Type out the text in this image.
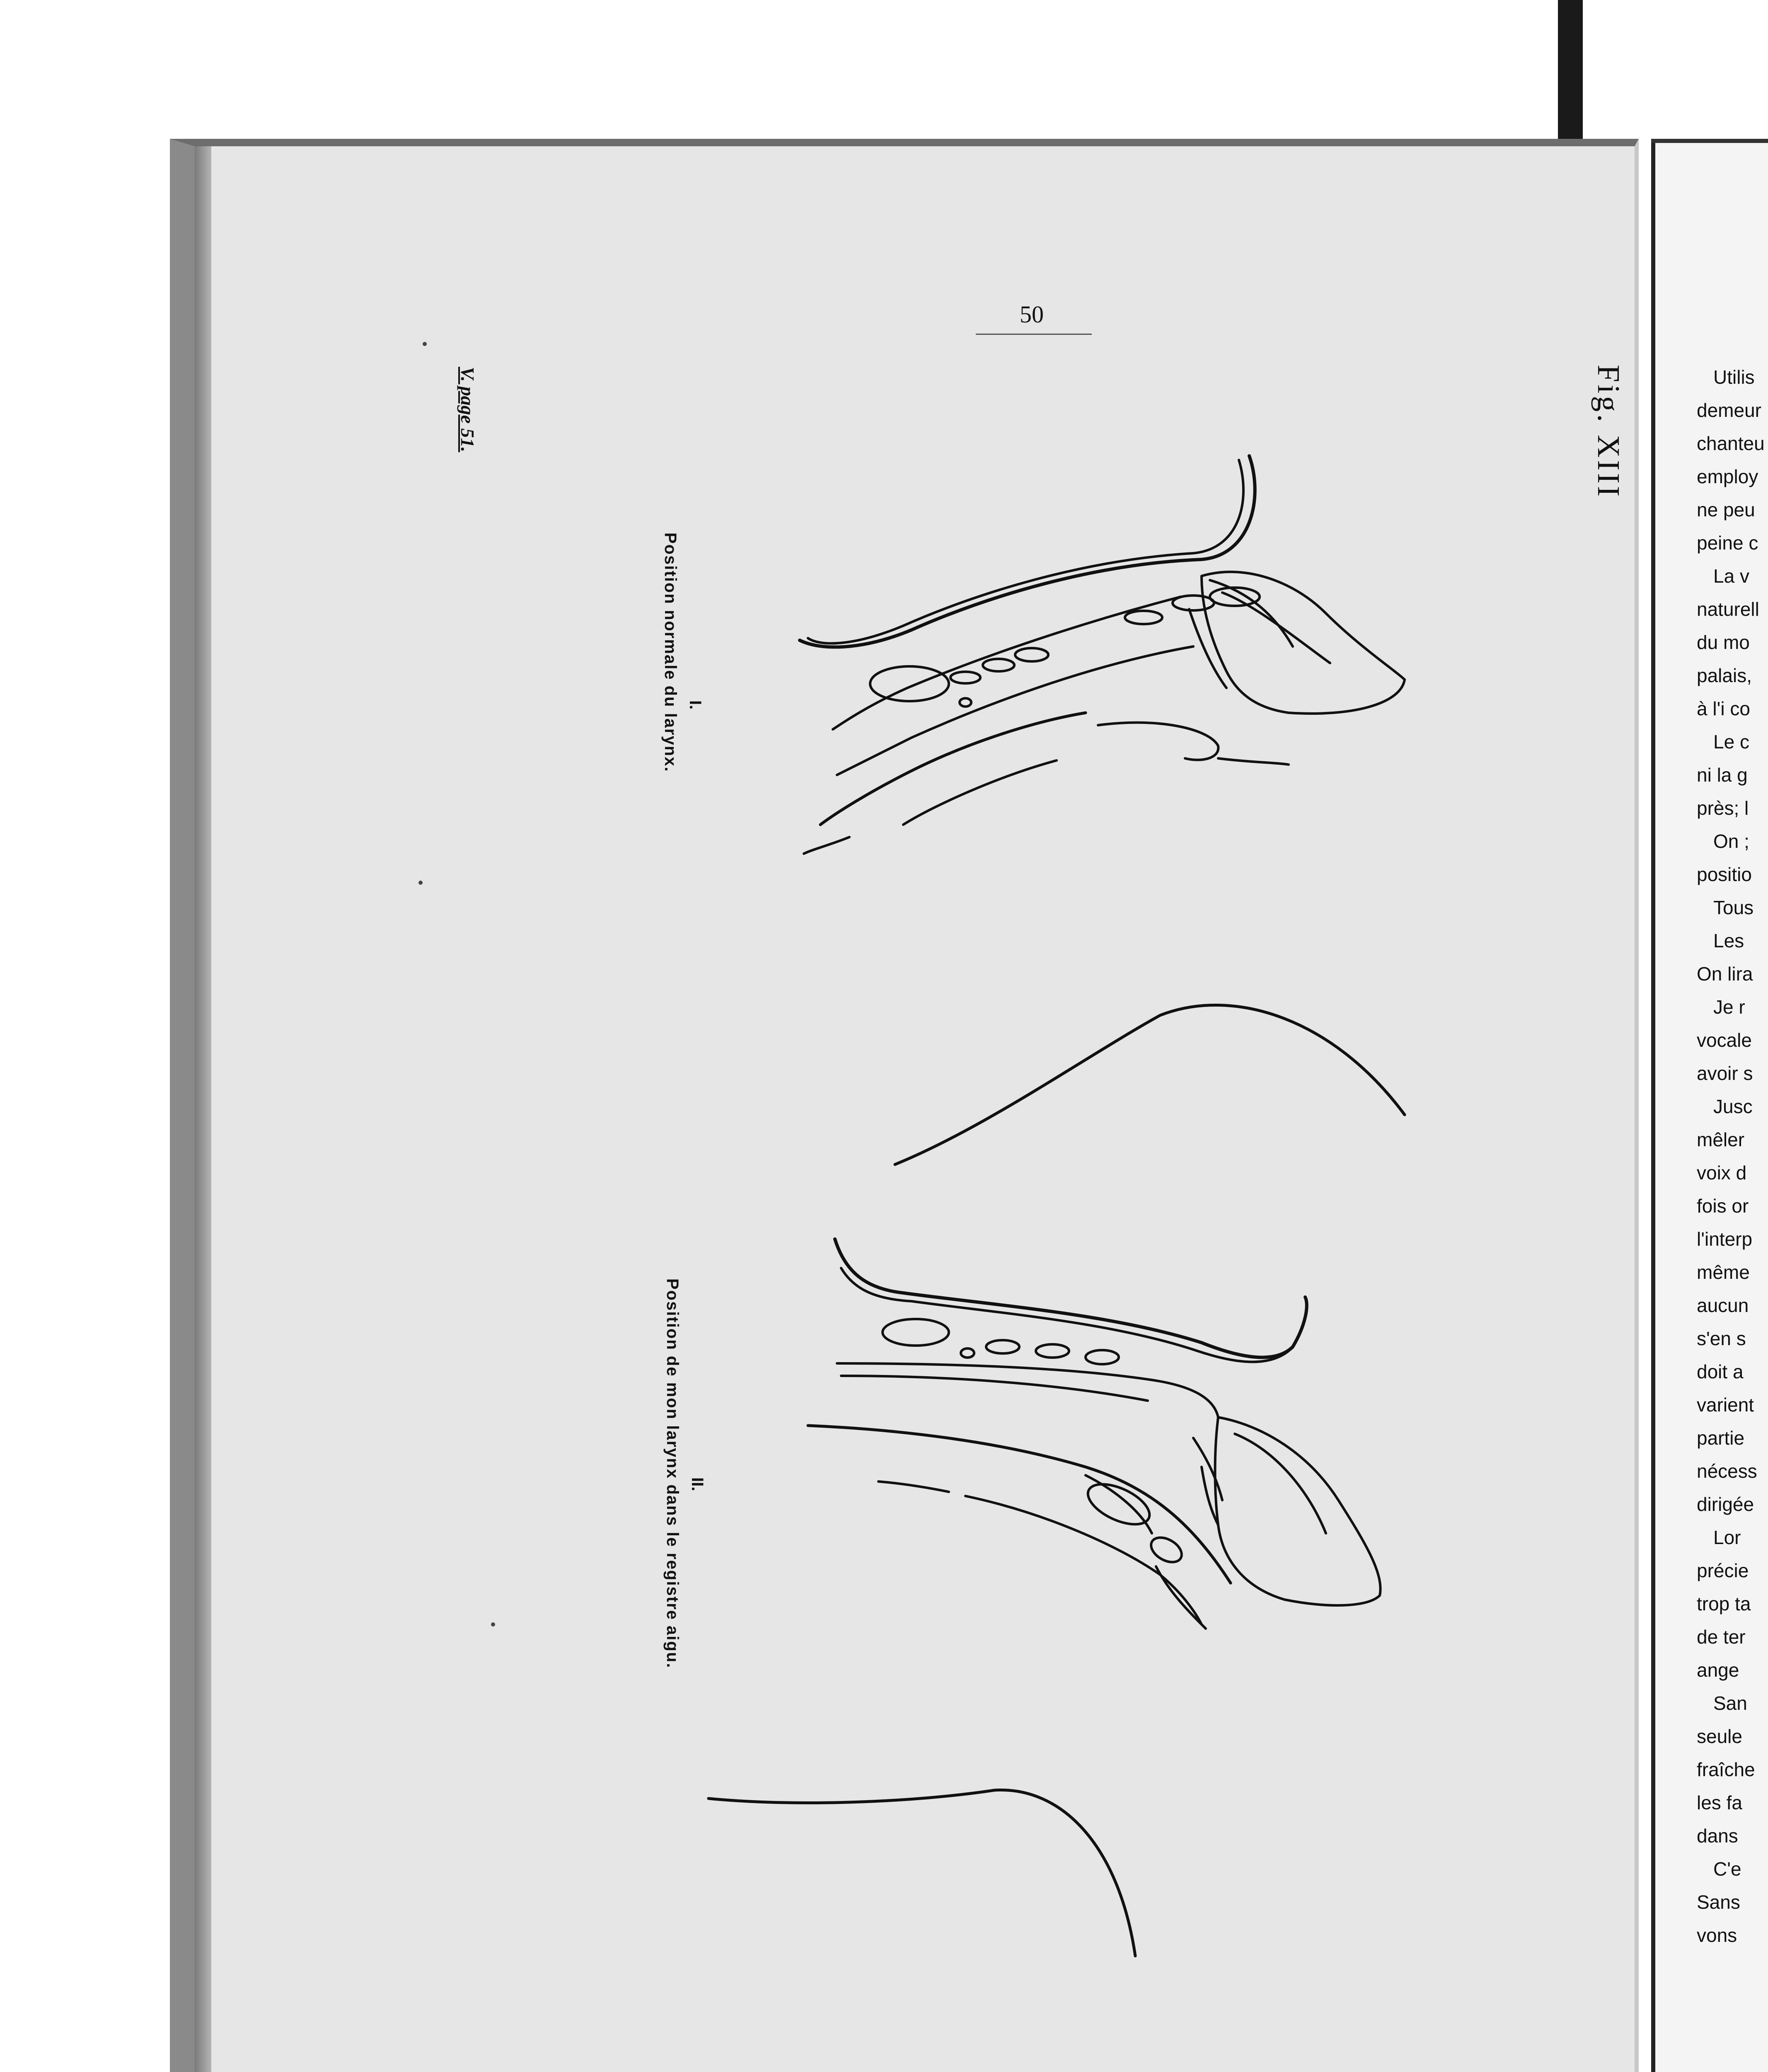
50
Fig. XIII
V. page 51.
I.
Position normale du larynx.
II.
Position de mon larynx dans le registre aigu.
Utilis
demeur
chanteu
employ
ne peu
peine c
La v
naturell
du mo
palais,
à l'i co
Le c
ni la g
près; l
On ;
positio
Tous
Les
On lira
Je r
vocale
avoir s
Jusc
mêler
voix d
fois or
l'interp
même
aucun
s'en s
doit a
varient
partie
nécess
dirigée
Lor
précie
trop ta
de ter
ange
San
seule
fraîche
les fa
dans
C'e
Sans
vons
